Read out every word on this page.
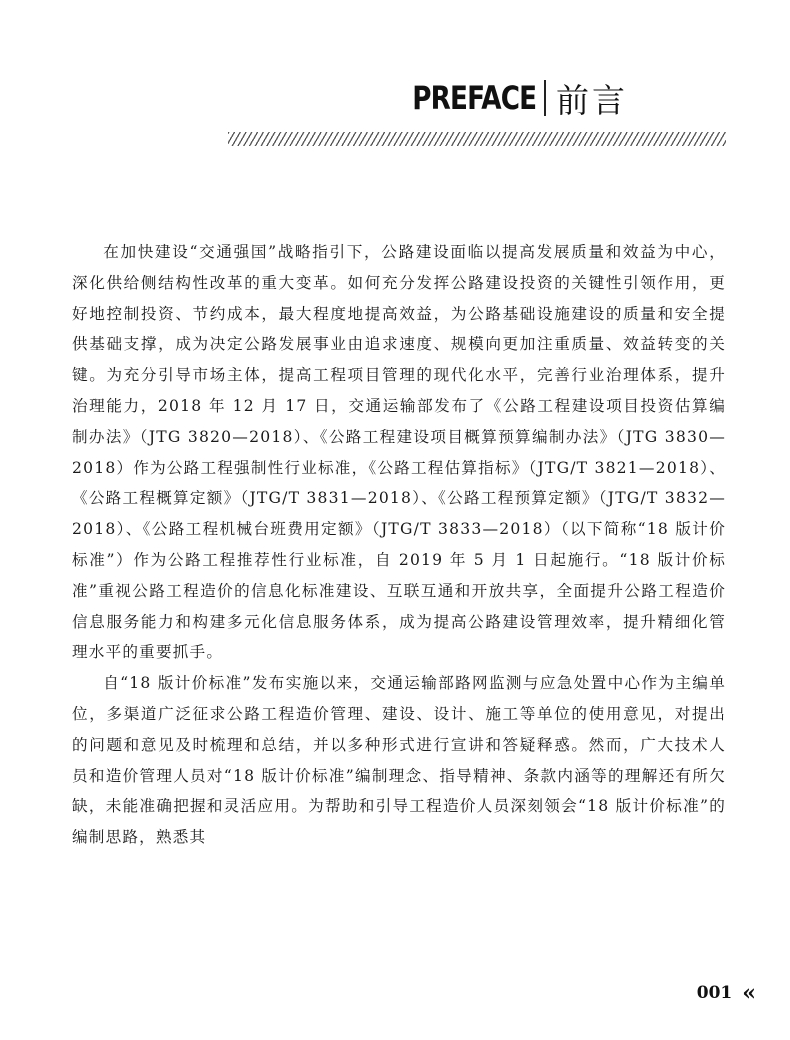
PREFACE 前言

在加快建设“交通强国”战略指引下，公路建设面临以提高发展质量和效益为中心，深化供给侧结构性改革的重大变革。如何充分发挥公路建设投资的关键性引领作用，更好地控制投资、节约成本，最大程度地提高效益，为公路基础设施建设的质量和安全提供基础支撑，成为决定公路发展事业由追求速度、规模向更加注重质量、效益转变的关键。为充分引导市场主体，提高工程项目管理的现代化水平，完善行业治理体系，提升治理能力，2018 年 12 月 17 日，交通运输部发布了《公路工程建设项目投资估算编制办法》（JTG 3820—2018）、《公路工程建设项目概算预算编制办法》（JTG 3830—2018）作为公路工程强制性行业标准，《公路工程估算指标》（JTG/T 3821—2018）、《公路工程概算定额》（JTG/T 3831—2018）、《公路工程预算定额》（JTG/T 3832—2018）、《公路工程机械台班费用定额》（JTG/T 3833—2018）（以下简称“18 版计价标准”）作为公路工程推荐性行业标准，自 2019 年 5 月 1 日起施行。“18 版计价标准”重视公路工程造价的信息化标准建设、互联互通和开放共享，全面提升公路工程造价信息服务能力和构建多元化信息服务体系，成为提高公路建设管理效率，提升精细化管理水平的重要抓手。

自“18 版计价标准”发布实施以来，交通运输部路网监测与应急处置中心作为主编单位，多渠道广泛征求公路工程造价管理、建设、设计、施工等单位的使用意见，对提出的问题和意见及时梳理和总结，并以多种形式进行宣讲和答疑释惑。然而，广大技术人员和造价管理人员对“18 版计价标准”编制理念、指导精神、条款内涵等的理解还有所欠缺，未能准确把握和灵活应用。为帮助和引导工程造价人员深刻领会“18 版计价标准”的编制思路，熟悉其

001 «
